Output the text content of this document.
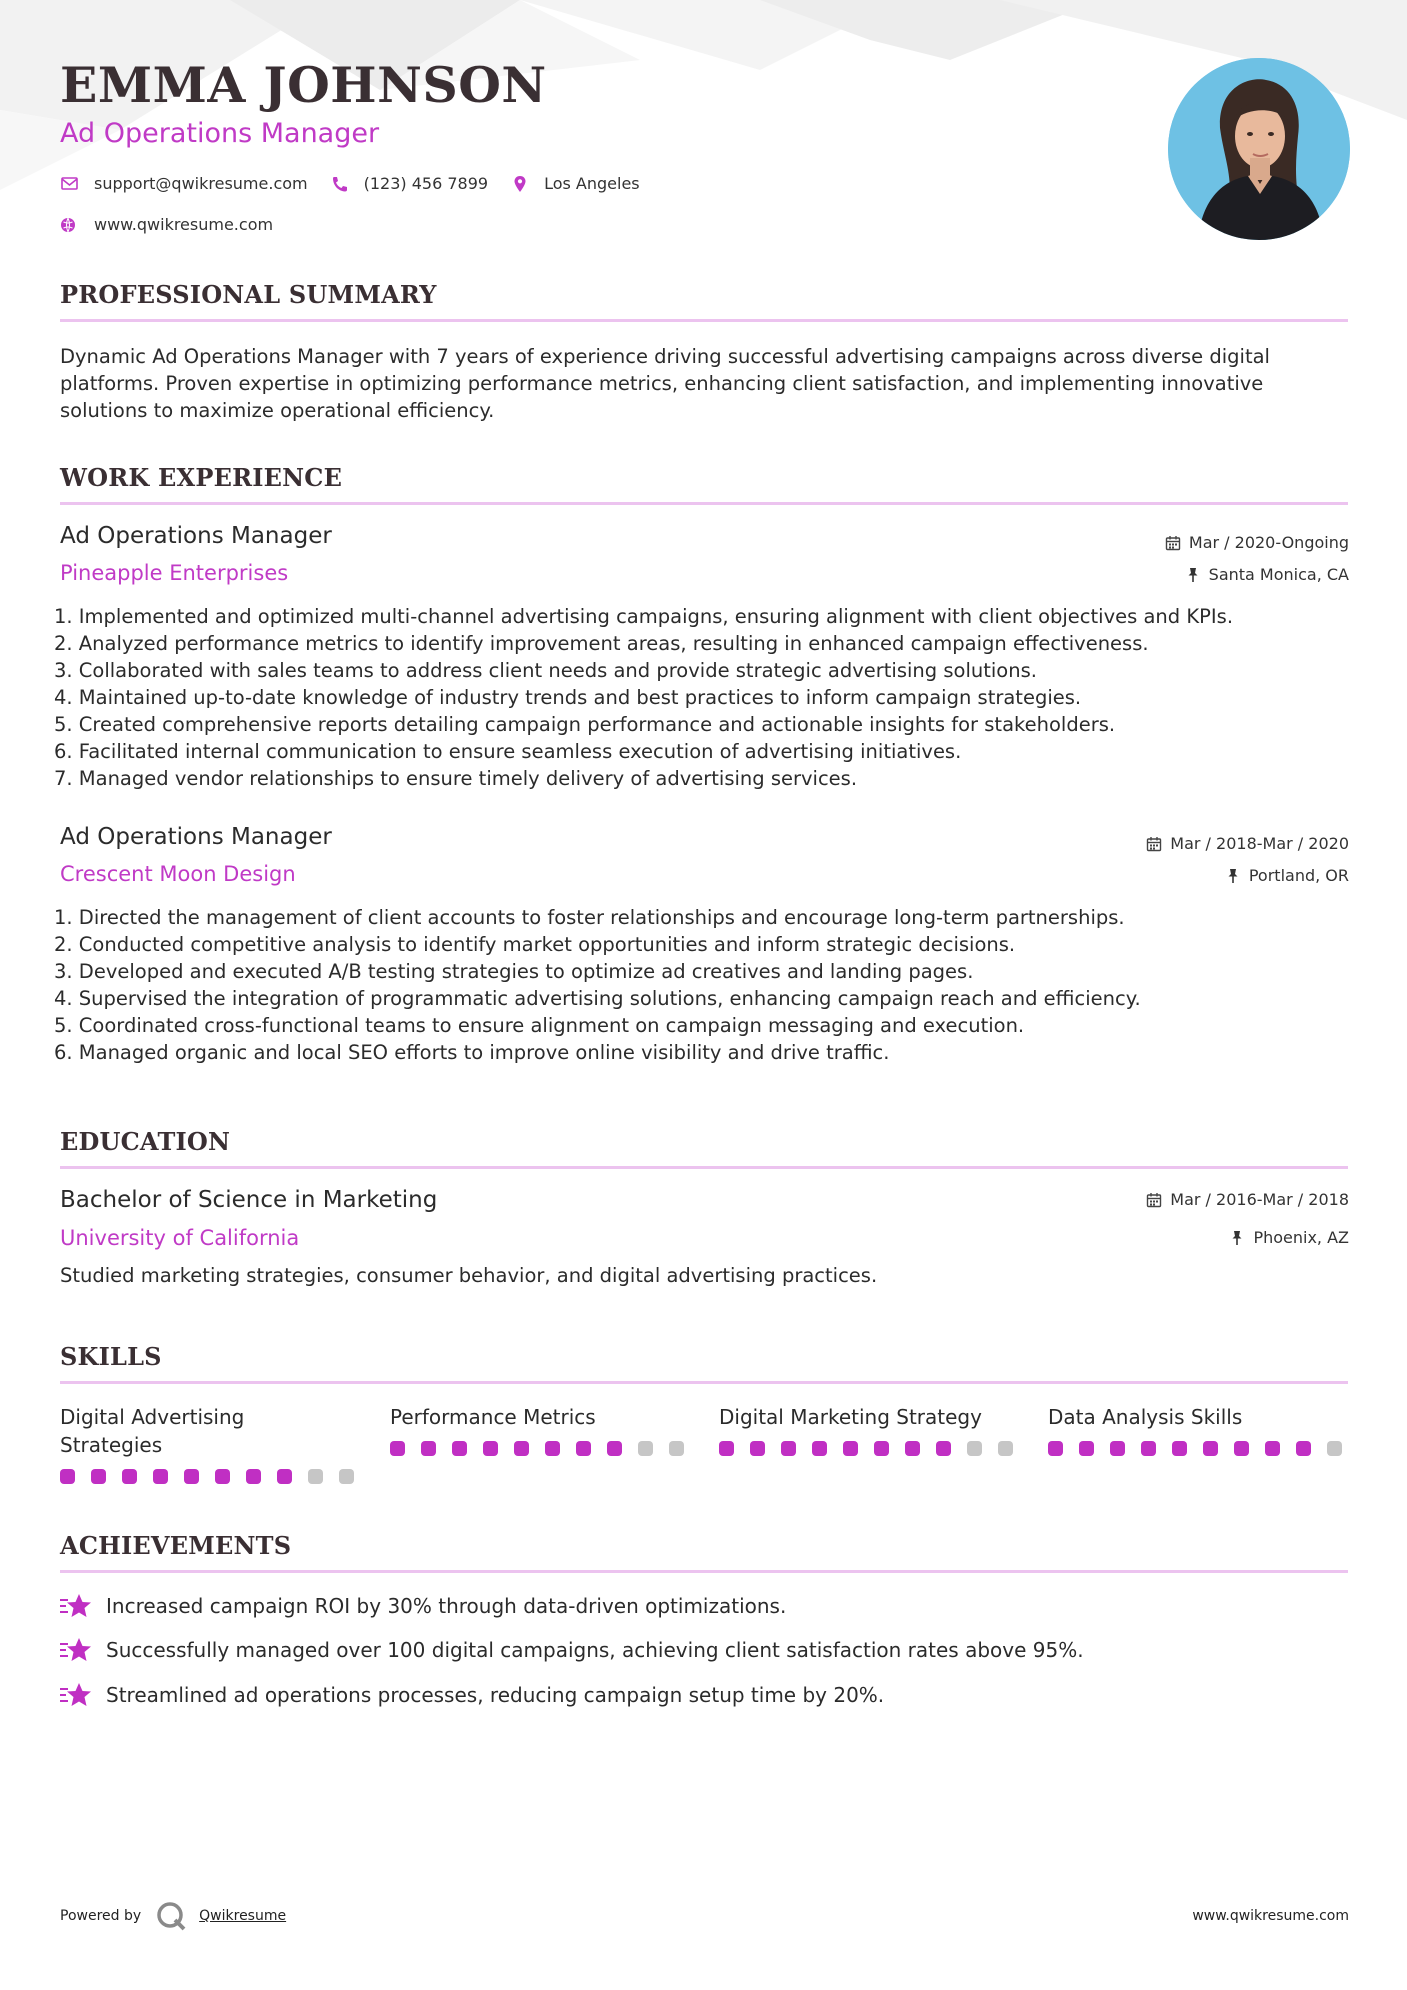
EMMA JOHNSON
Ad Operations Manager
support@qwikresume.com	(123) 456 7899	Los Angeles
www.qwikresume.com
PROFESSIONAL SUMMARY
Dynamic Ad Operations Manager with 7 years of experience driving successful advertising campaigns across diverse digital platforms. Proven expertise in optimizing performance metrics, enhancing client satisfaction, and implementing innovative solutions to maximize operational efficiency.
WORK EXPERIENCE
Ad Operations Manager
Pineapple Enterprises
Mar / 2020-Ongoing
Santa Monica, CA
1. Implemented and optimized multi-channel advertising campaigns, ensuring alignment with client objectives and KPIs.
2. Analyzed performance metrics to identify improvement areas, resulting in enhanced campaign effectiveness.
3. Collaborated with sales teams to address client needs and provide strategic advertising solutions.
4. Maintained up-to-date knowledge of industry trends and best practices to inform campaign strategies.
5. Created comprehensive reports detailing campaign performance and actionable insights for stakeholders.
6. Facilitated internal communication to ensure seamless execution of advertising initiatives.
7. Managed vendor relationships to ensure timely delivery of advertising services.
Ad Operations Manager
Crescent Moon Design
Mar / 2018-Mar / 2020
Portland, OR
1. Directed the management of client accounts to foster relationships and encourage long-term partnerships.
2. Conducted competitive analysis to identify market opportunities and inform strategic decisions.
3. Developed and executed A/B testing strategies to optimize ad creatives and landing pages.
4. Supervised the integration of programmatic advertising solutions, enhancing campaign reach and efficiency.
5. Coordinated cross-functional teams to ensure alignment on campaign messaging and execution.
6. Managed organic and local SEO efforts to improve online visibility and drive traffic.
EDUCATION
Bachelor of Science in Marketing
University of California
Mar / 2016-Mar / 2018
Phoenix, AZ
Studied marketing strategies, consumer behavior, and digital advertising practices.
SKILLS
Digital Advertising Strategies
Performance Metrics	Digital Marketing Strategy	Data Analysis Skills
ACHIEVEMENTS
Increased campaign ROI by 30% through data-driven optimizations.
Successfully managed over 100 digital campaigns, achieving client satisfaction rates above 95%.
Streamlined ad operations processes, reducing campaign setup time by 20%.
Powered by	Qwikresume	www.qwikresume.com
